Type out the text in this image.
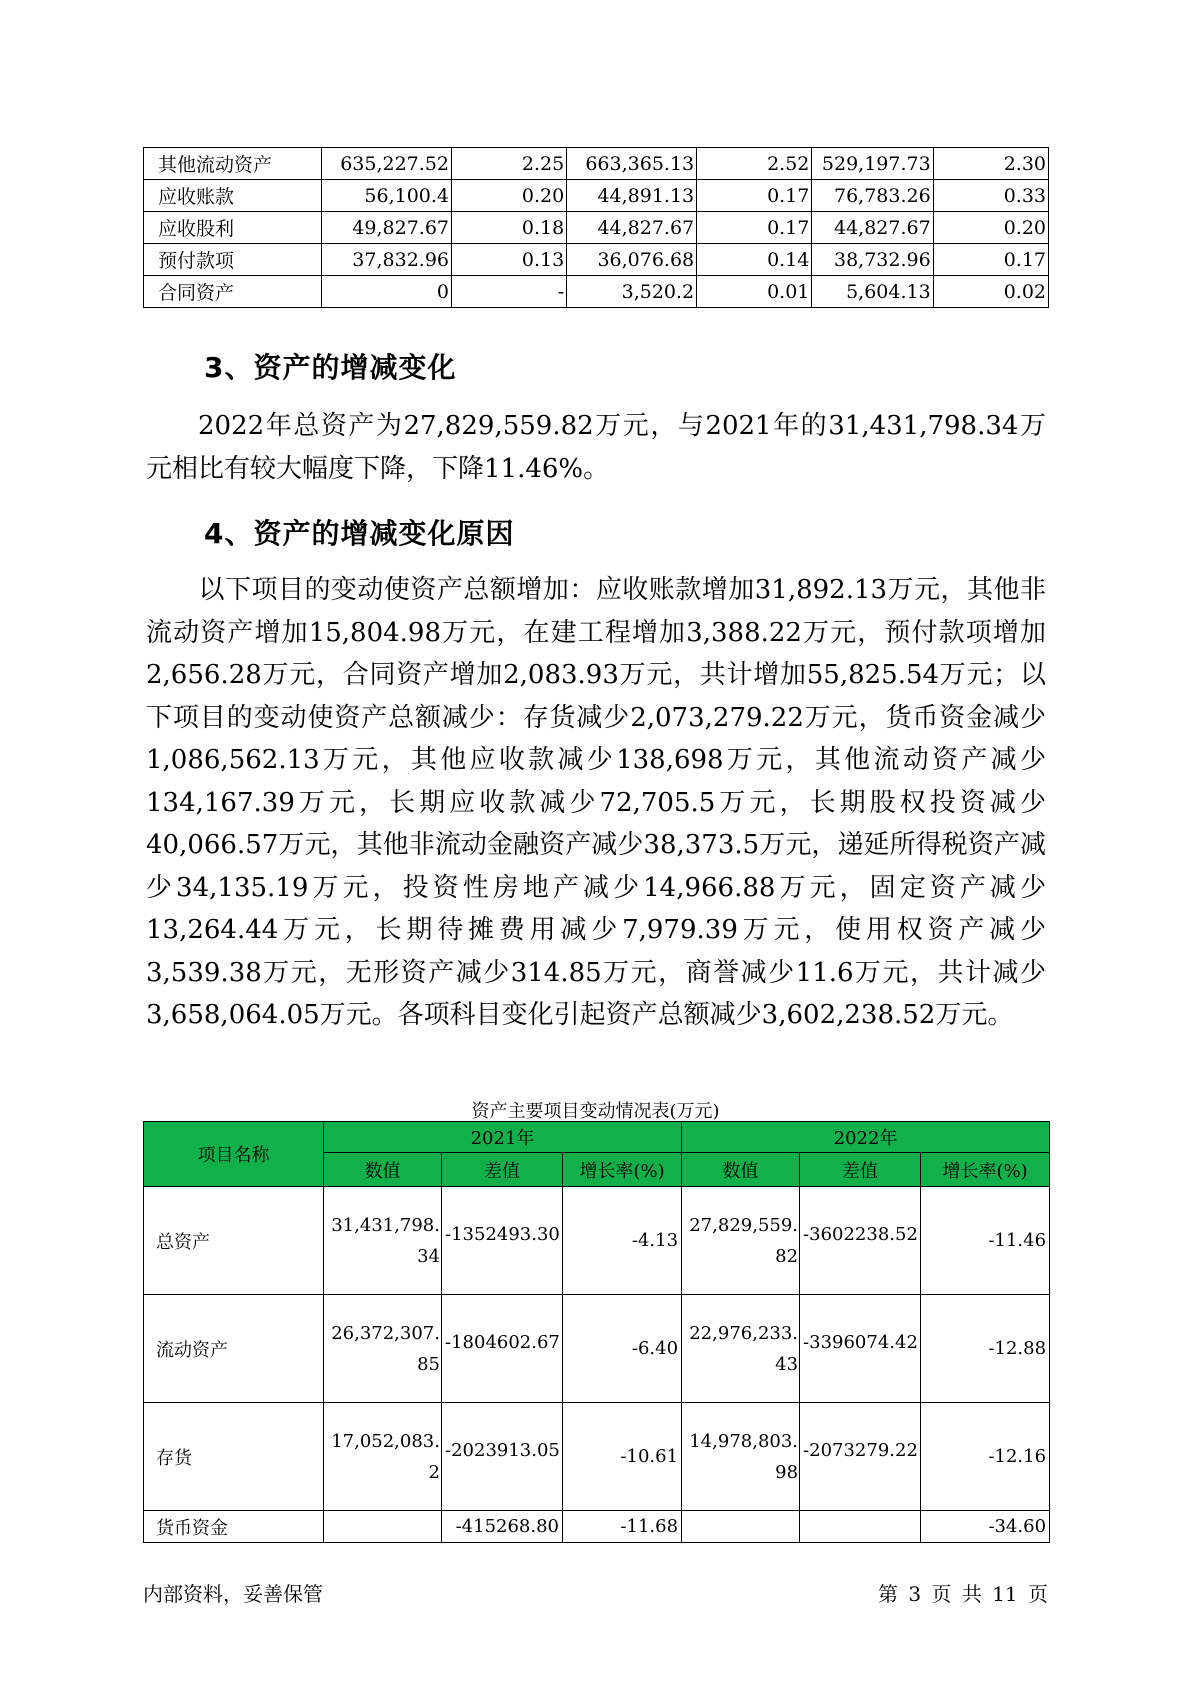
其他流动资产	635,227.52	2.25	663,365.13	2.52	529,197.73	2.30
应收账款	56,100.4	0.20	44,891.13	0.17	76,783.26	0.33
应收股利	49,827.67	0.18	44,827.67	0.17	44,827.67	0.20
预付款项	37,832.96	0.13	36,076.68	0.14	38,732.96	0.17
合同资产	0	-	3,520.2	0.01	5,604.13	0.02
3、资产的增减变化

2022年总资产为27,829,559.82万元，与2021年的31,431,798.34万元相比有较大幅度下降，下降11.46%。

4、资产的增减变化原因

以下项目的变动使资产总额增加：应收账款增加31,892.13万元，其他非流动资产增加15,804.98万元，在建工程增加3,388.22万元，预付款项增加2,656.28万元，合同资产增加2,083.93万元，共计增加55,825.54万元；以下项目的变动使资产总额减少：存货减少2,073,279.22万元，货币资金减少1,086,562.13万元，其他应收款减少138,698万元，其他流动资产减少134,167.39万元，长期应收款减少72,705.5万元，长期股权投资减少40,066.57万元，其他非流动金融资产减少38,373.5万元，递延所得税资产减少34,135.19万元，投资性房地产减少14,966.88万元，固定资产减少13,264.44万元，长期待摊费用减少7,979.39万元，使用权资产减少3,539.38万元，无形资产减少314.85万元，商誉减少11.6万元，共计减少3,658,064.05万元。各项科目变化引起资产总额减少3,602,238.52万元。

资产主要项目变动情况表(万元)
项目名称	2021年			2022年		
	数值	差值	增长率(%)	数值	差值	增长率(%)
总资产	31,431,798.34	-1352493.30	-4.13	27,829,559.82	-3602238.52	-11.46
流动资产	26,372,307.85	-1804602.67	-6.40	22,976,233.43	-3396074.42	-12.88
存货	17,052,083.2	-2023913.05	-10.61	14,978,803.98	-2073279.22	-12.16
货币资金		-415268.80	-11.68			-34.60
内部资料，妥善保管	第 3 页 共 11 页
